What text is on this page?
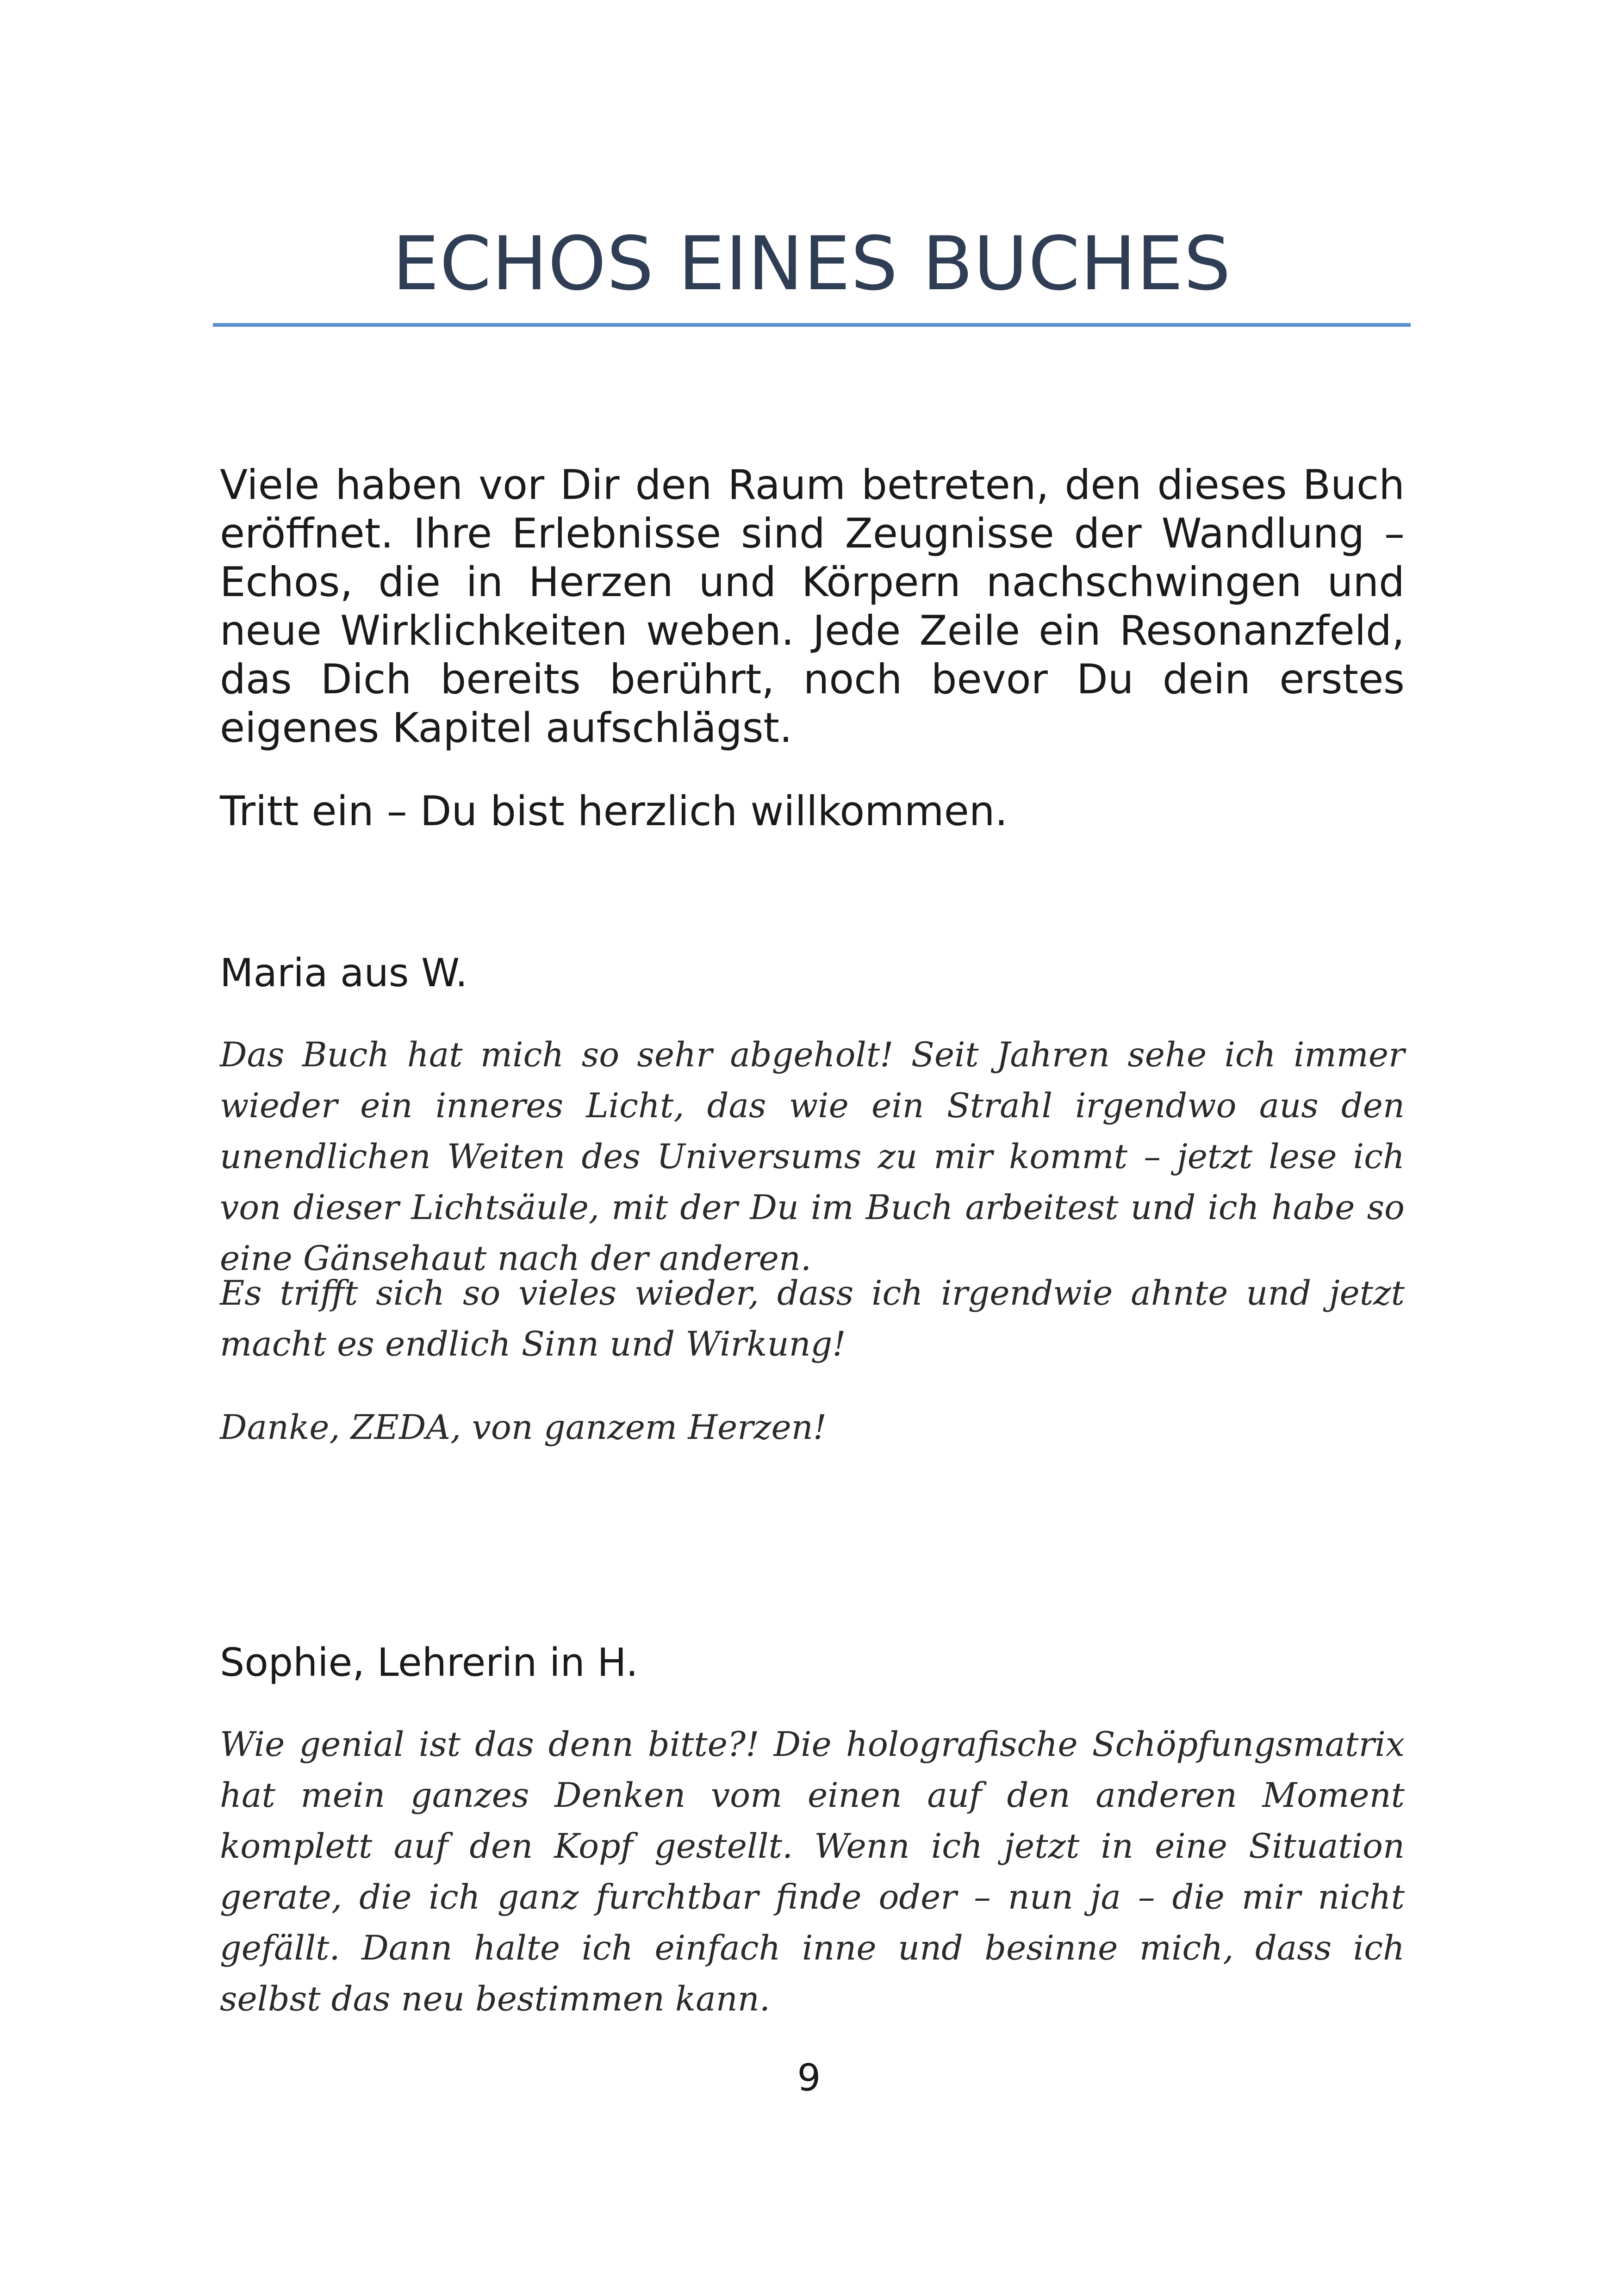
ECHOS EINES BUCHES

Viele haben vor Dir den Raum betreten, den dieses Buch eröffnet. Ihre Erlebnisse sind Zeugnisse der Wandlung – Echos, die in Herzen und Körpern nachschwingen und neue Wirklichkeiten weben. Jede Zeile ein Resonanzfeld, das Dich bereits berührt, noch bevor Du dein erstes eigenes Kapitel aufschlägst.

Tritt ein – Du bist herzlich willkommen.

Maria aus W.

Das Buch hat mich so sehr abgeholt! Seit Jahren sehe ich immer wieder ein inneres Licht, das wie ein Strahl irgendwo aus den unendlichen Weiten des Universums zu mir kommt – jetzt lese ich von dieser Lichtsäule, mit der Du im Buch arbeitest und ich habe so eine Gänsehaut nach der anderen.

Es trifft sich so vieles wieder, dass ich irgendwie ahnte und jetzt macht es endlich Sinn und Wirkung!

Danke, ZEDA, von ganzem Herzen!

Sophie, Lehrerin in H.

Wie genial ist das denn bitte?! Die holografische Schöpfungsmatrix hat mein ganzes Denken vom einen auf den anderen Moment komplett auf den Kopf gestellt. Wenn ich jetzt in eine Situation gerate, die ich ganz furchtbar finde oder – nun ja – die mir nicht gefällt. Dann halte ich einfach inne und besinne mich, dass ich selbst das neu bestimmen kann.

9
